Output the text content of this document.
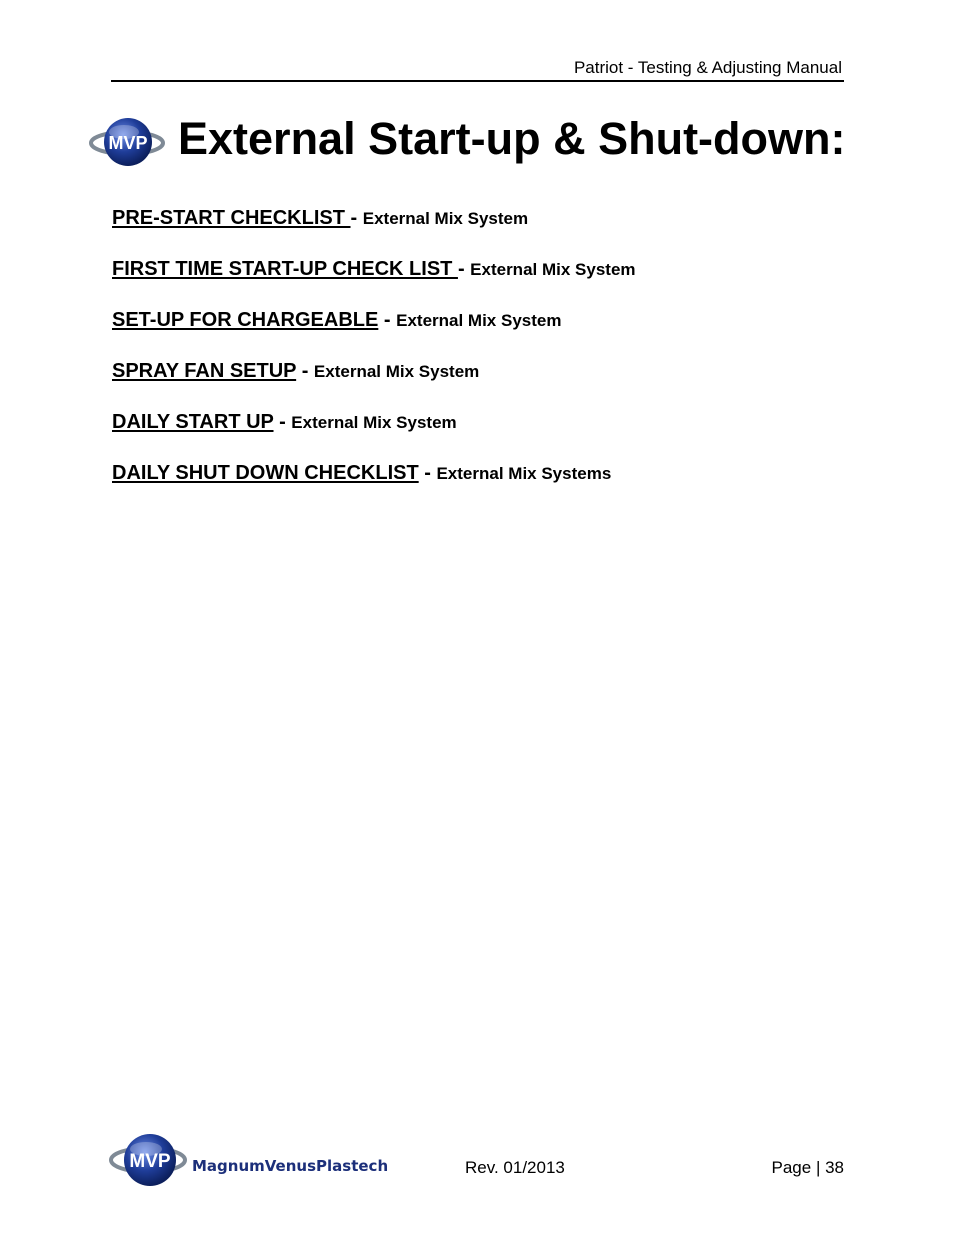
Patriot - Testing & Adjusting Manual
MVP External Start-up & Shut-down:
PRE-START CHECKLIST - External Mix System
FIRST TIME START-UP CHECK LIST - External Mix System
SET-UP FOR CHARGEABLE - External Mix System
SPRAY FAN SETUP - External Mix System
DAILY START UP - External Mix System
DAILY SHUT DOWN CHECKLIST - External Mix Systems
MVP MagnumVenusPlastech	Rev. 01/2013	Page | 38
